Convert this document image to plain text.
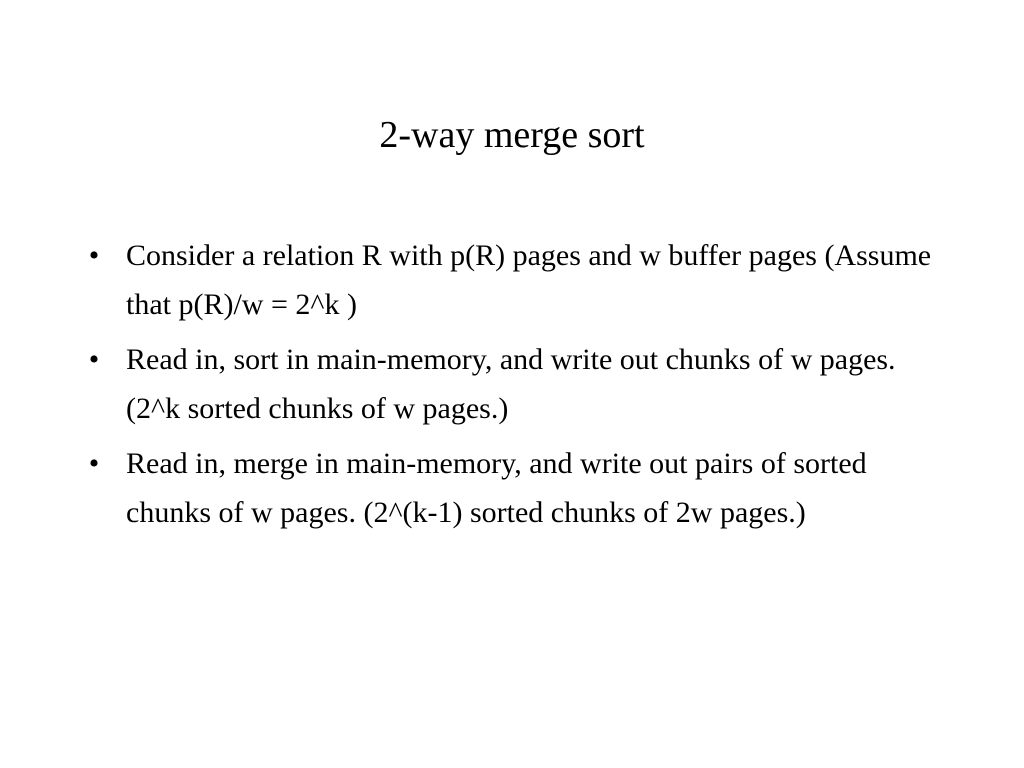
2-way merge sort
• Consider a relation R with p(R) pages and w buffer pages (Assume that p(R)/w = 2^k )
• Read in, sort in main-memory, and write out chunks of w pages. (2^k sorted chunks of w pages.)
• Read in, merge in main-memory, and write out pairs of sorted chunks of w pages. (2^(k-1) sorted chunks of 2w pages.)
